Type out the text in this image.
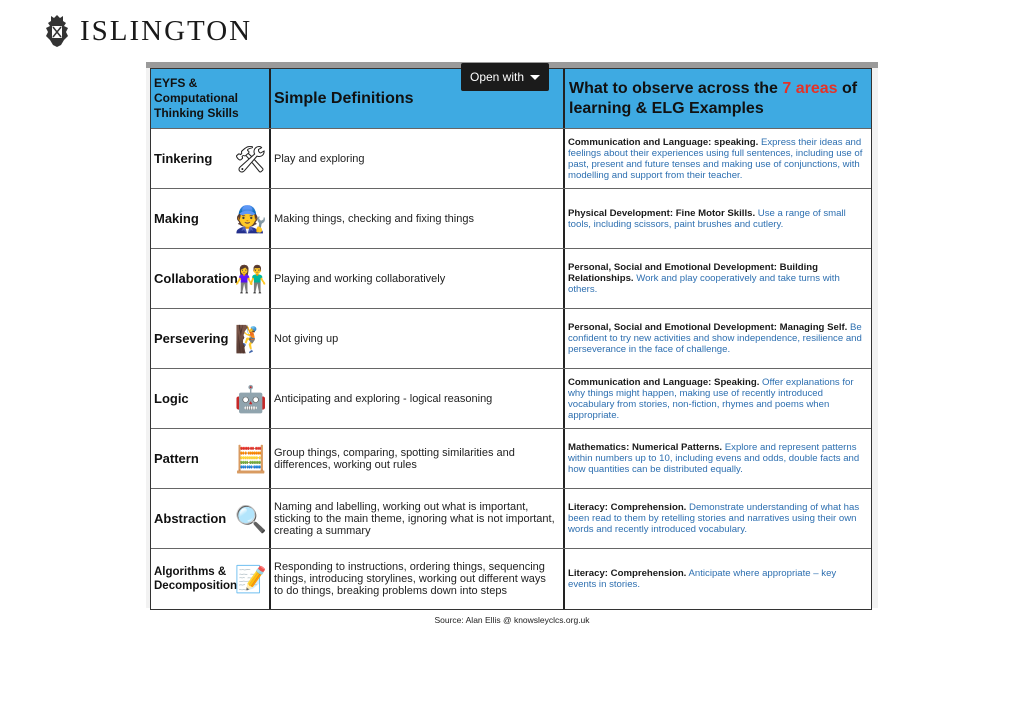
ISLINGTON
EYFS & Computational Thinking Skills
Simple Definitions
What to observe across the 7 areas of learning & ELG Examples
Tinkering 🛠 Play and exploring
Communication and Language: speaking. Express their ideas and feelings about their experiences using full sentences, including use of past, present and future tenses and making use of conjunctions, with modelling and support from their teacher.
Making 🧑‍🔧 Making things, checking and fixing things	Physical Development: Fine Motor Skills. Use a range of small tools, including scissors, paint brushes and cutlery.
Collaboration
👫 Playing and working collaboratively
Personal, Social and Emotional Development: Building Relationships. Work and play cooperatively and take turns with others.
Persevering 🧗 Not giving up
Personal, Social and Emotional Development: Managing Self. Be confident to try new activities and show independence, resilience and perseverance in the face of challenge.
Logic 🤖 Anticipating and exploring - logical reasoning
Communication and Language: Speaking. Offer explanations for why things might happen, making use of recently introduced vocabulary from stories, non-fiction, rhymes and poems when appropriate.
Pattern 🧮 Group things, comparing, spotting similarities and differences, working out rules
Mathematics: Numerical Patterns. Explore and represent patterns within numbers up to 10, including evens and odds, double facts and how quantities can be distributed equally.
Abstraction 🔍 Naming and labelling, working out what is important, sticking to the main theme, ignoring what is not important, creating a summary
Literacy: Comprehension. Demonstrate understanding of what has been read to them by retelling stories and narratives using their own words and recently introduced vocabulary.
Algorithms & Decomposition
📝 Responding to instructions, ordering things, sequencing things, introducing storylines, working out different ways to do things, breaking problems down into steps
Literacy: Comprehension. Anticipate where appropriate – key events in stories.
Open with
Source: Alan Ellis @ knowsleyclcs.org.uk
